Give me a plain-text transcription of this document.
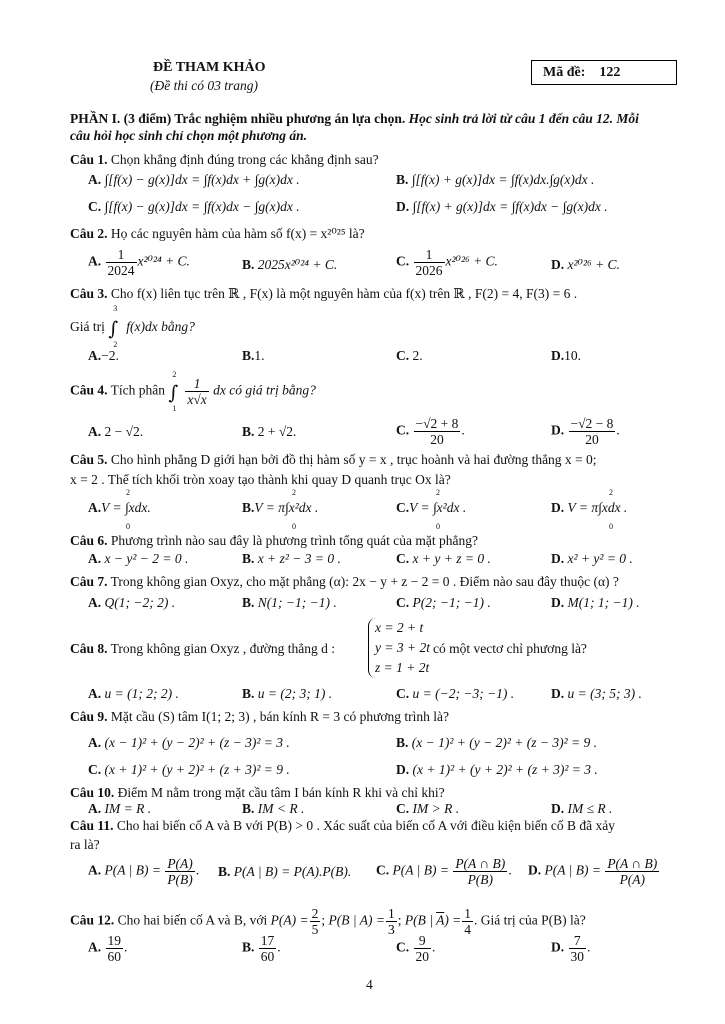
ĐỀ THAM KHẢO
(Đề thi có 03 trang)
Mã đề: 122
PHẦN I. (3 điểm) Trắc nghiệm nhiều phương án lựa chọn. Học sinh trả lời từ câu 1 đến câu 12. Mỗi
câu hỏi học sinh chỉ chọn một phương án.
Câu 1. Chọn khẳng định đúng trong các khẳng định sau?
A. ∫[f(x) − g(x)]dx = ∫f(x)dx + ∫g(x)dx .	B. ∫[f(x) + g(x)]dx = ∫f(x)dx.∫g(x)dx .
C. ∫[f(x) − g(x)]dx = ∫f(x)dx − ∫g(x)dx .	D. ∫[f(x) + g(x)]dx = ∫f(x)dx − ∫g(x)dx .
Câu 2. Họ các nguyên hàm của hàm số f(x) = x²⁰²⁵ là?
A. $\frac{1}{2024} x^{2024} + C$.	B. 2025x²⁰²⁴ + C.	C. $\frac{1}{2026} x^{2026} + C$.	D. x²⁰²⁶ + C.
Câu 3. Cho f(x) liên tục trên ℝ , F(x) là một nguyên hàm của f(x) trên ℝ , F(2) = 4, F(3) = 6 .
Giá trị ∫
3
2
f(x)dx bằng?
A.−2.	B.1.	C. 2.	D.10.
Câu 4. Tích phân ∫
2
1
$\frac{1}{x√x}$ dx có giá trị bằng?
A. 2 − √2.	B. 2 + √2.	C. $\frac{-√2 + 8}{20}$ .	D. $\frac{-√2 - 8}{20}$ .
Câu 5. Cho hình phẳng D giới hạn bởi đồ thị hàm số y = x , trục hoành và hai đường thẳng x = 0;
x = 2 . Thể tích khối tròn xoay tạo thành khi quay D quanh trục Ox là?
A.V = ∫xdx.
2
0
B.V = π∫x²dx .
2
0
C.V = ∫x²dx .
2
0
D. V = π∫xdx .
2
0
Câu 6. Phương trình nào sau đây là phương trình tổng quát của mặt phẳng?
A. x − y² − 2 = 0 .	B. x + z² − 3 = 0 .	C. x + y + z = 0 .	D. x² + y² = 0 .
Câu 7. Trong không gian Oxyz, cho mặt phẳng (α): 2x − y + z − 2 = 0 . Điểm nào sau đây thuộc (α) ?
A. Q(1; −2; 2) .	B. N(1; −1; −1) .	C. P(2; −1; −1) .	D. M(1; 1; −1) .
Câu 8. Trong không gian Oxyz , đường thẳng d :
x = 2 + t
y = 3 + 2t
z = 1 + 2t
có một vectơ chỉ phương là?
A. u = (1; 2; 2) .	B. u = (2; 3; 1) .	C. u = (−2; −3; −1) .	D. u = (3; 5; 3) .
Câu 9. Mặt cầu (S) tâm I(1; 2; 3) , bán kính R = 3 có phương trình là?
A. (x − 1)² + (y − 2)² + (z − 3)² = 3 .	B. (x − 1)² + (y − 2)² + (z − 3)² = 9 .
C. (x + 1)² + (y + 2)² + (z + 3)² = 9 .	D. (x + 1)² + (y + 2)² + (z + 3)² = 3 .
Câu 10. Điểm M nằm trong mặt cầu tâm I bán kính R khi và chỉ khi?
A. IM = R .	B. IM < R .	C. IM > R .	D. IM ≤ R .
Câu 11. Cho hai biến cố A và B với P(B) > 0 . Xác suất của biến cố A với điều kiện biến cố B đã xảy
ra là?
A. P(A | $B) = \frac{P(A)}{P(B)}$ . B. P(A | B) = P(A).P(B). C. P(A | $B) = \frac{P(A \cap B)}{P(B)}$ . D. P(A | $B) = \frac{P(A \cap B)}{P(A)}$
Câu 12. Cho hai biến cố A và B, với $P(A) = \frac{2}{5}$ ; P(B | $A) = \frac{1}{3}$ ; P(B | $\overline{A}) = \frac{1}{4}$ . Giá trị của P(B) là?
A. $\frac{19}{60}$ .	B. $\frac{17}{60}$ .	C. $\frac{9}{20}$ .	D. $\frac{7}{30}$ .
4
